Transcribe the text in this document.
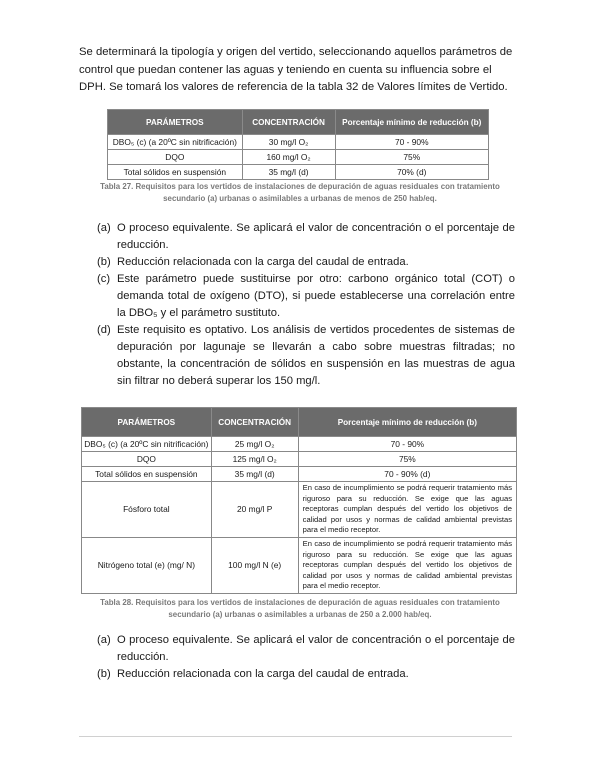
Se determinará la tipología y origen del vertido, seleccionando aquellos parámetros de control que puedan contener las aguas y teniendo en cuenta su influencia sobre el DPH. Se tomará los valores de referencia de la tabla 32 de Valores límites de Vertido.

PARÁMETROS	CONCENTRACIÓN	Porcentaje mínimo de reducción (b)
DBO₅ (c) (a 20ºC sin nitrificación)	30 mg/l O₂	70 - 90%
DQO	160 mg/l O₂	75%
Total sólidos en suspensión	35 mg/l (d)	70% (d)
Tabla 27. Requisitos para los vertidos de instalaciones de depuración de aguas residuales con tratamiento secundario (a) urbanas o asimilables a urbanas de menos de 250 hab/eq.
(a) O proceso equivalente. Se aplicará el valor de concentración o el porcentaje de reducción.
(b) Reducción relacionada con la carga del caudal de entrada.
(c) Este parámetro puede sustituirse por otro: carbono orgánico total (COT) o demanda total de oxígeno (DTO), si puede establecerse una correlación entre la DBO₅ y el parámetro sustituto.
(d) Este requisito es optativo. Los análisis de vertidos procedentes de sistemas de depuración por lagunaje se llevarán a cabo sobre muestras filtradas; no obstante, la concentración de sólidos en suspensión en las muestras de agua sin filtrar no deberá superar los 150 mg/l.
PARÁMETROS	CONCENTRACIÓN	Porcentaje mínimo de reducción (b)
DBO₅ (c) (a 20ºC sin nitrificación)	25 mg/l O₂	70 - 90%
DQO	125 mg/l O₂	75%
Total sólidos en suspensión	35 mg/l (d)	70 - 90% (d)
Fósforo total	20 mg/l P	En caso de incumplimiento se podrá requerir tratamiento más riguroso para su reducción. Se exige que las aguas receptoras cumplan después del vertido los objetivos de calidad por usos y normas de calidad ambiental previstas para el medio receptor.
Nitrógeno total (e) (mg/ N)	100 mg/l N (e)	En caso de incumplimiento se podrá requerir tratamiento más riguroso para su reducción. Se exige que las aguas receptoras cumplan después del vertido los objetivos de calidad por usos y normas de calidad ambiental previstas para el medio receptor.
Tabla 28. Requisitos para los vertidos de instalaciones de depuración de aguas residuales con tratamiento secundario (a) urbanas o asimilables a urbanas de 250 a 2.000 hab/eq.
(a) O proceso equivalente. Se aplicará el valor de concentración o el porcentaje de reducción.
(b) Reducción relacionada con la carga del caudal de entrada.
